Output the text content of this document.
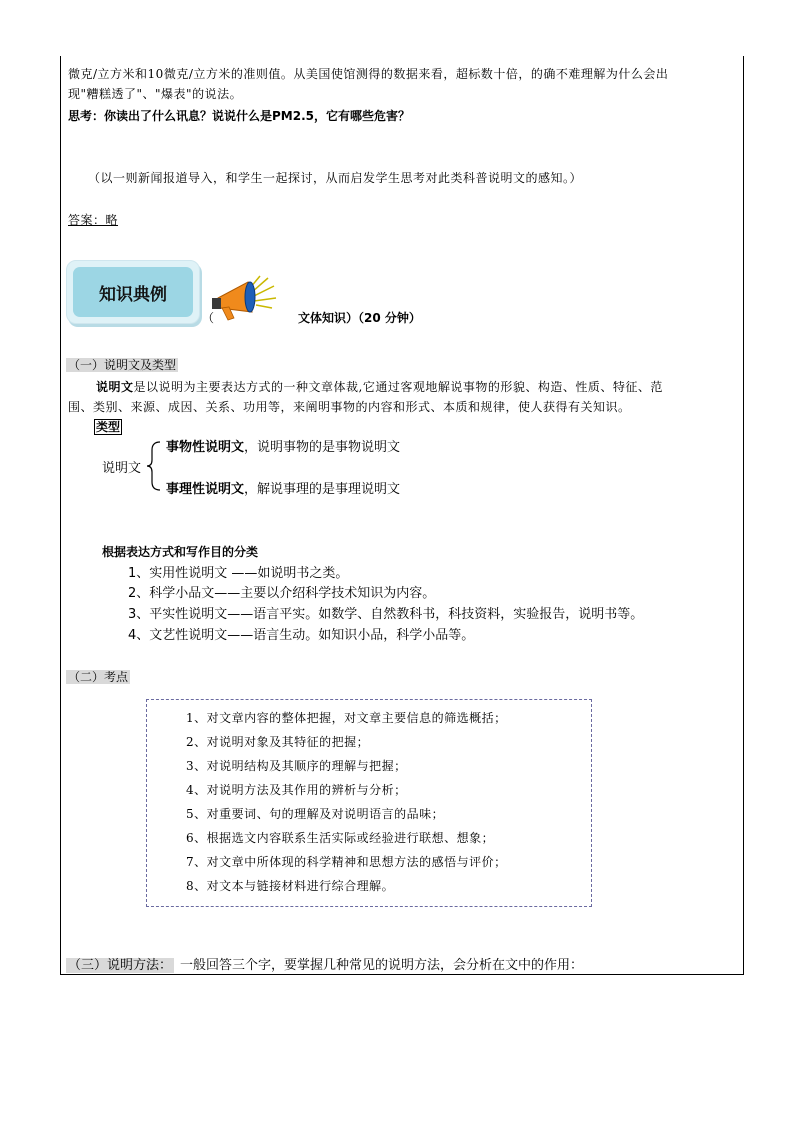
微克/立方米和10微克/立方米的准则值。从美国使馆测得的数据来看，超标数十倍，的确不难理解为什么会出
现"糟糕透了"、"爆表"的说法。
思考：你读出了什么讯息？说说什么是PM2.5，它有哪些危害？
（以一则新闻报道导入，和学生一起探讨，从而启发学生思考对此类科普说明文的感知。）
答案：略
知识典例
（	文体知识）（20 分钟）
（一）说明文及类型
说明文是以说明为主要表达方式的一种文章体裁,它通过客观地解说事物的形貌、构造、性质、特征、范
围、类别、来源、成因、关系、功用等，来阐明事物的内容和形式、本质和规律，使人获得有关知识。
类型
说明文
事物性说明文，说明事物的是事物说明文
事理性说明文，解说事理的是事理说明文
根据表达方式和写作目的分类
1、实用性说明文 ——如说明书之类。
2、科学小品文——主要以介绍科学技术知识为内容。
3、平实性说明文——语言平实。如数学、自然教科书，科技资料，实验报告，说明书等。
4、文艺性说明文——语言生动。如知识小品，科学小品等。
（二）考点
1、对文章内容的整体把握，对文章主要信息的筛选概括；
2、对说明对象及其特征的把握；
3、对说明结构及其顺序的理解与把握；
4、对说明方法及其作用的辨析与分析；
5、对重要词、句的理解及对说明语言的品味；
6、根据选文内容联系生活实际或经验进行联想、想象；
7、对文章中所体现的科学精神和思想方法的感悟与评价；
8、对文本与链接材料进行综合理解。
（三）说明方法： 一般回答三个字，要掌握几种常见的说明方法，会分析在文中的作用：
